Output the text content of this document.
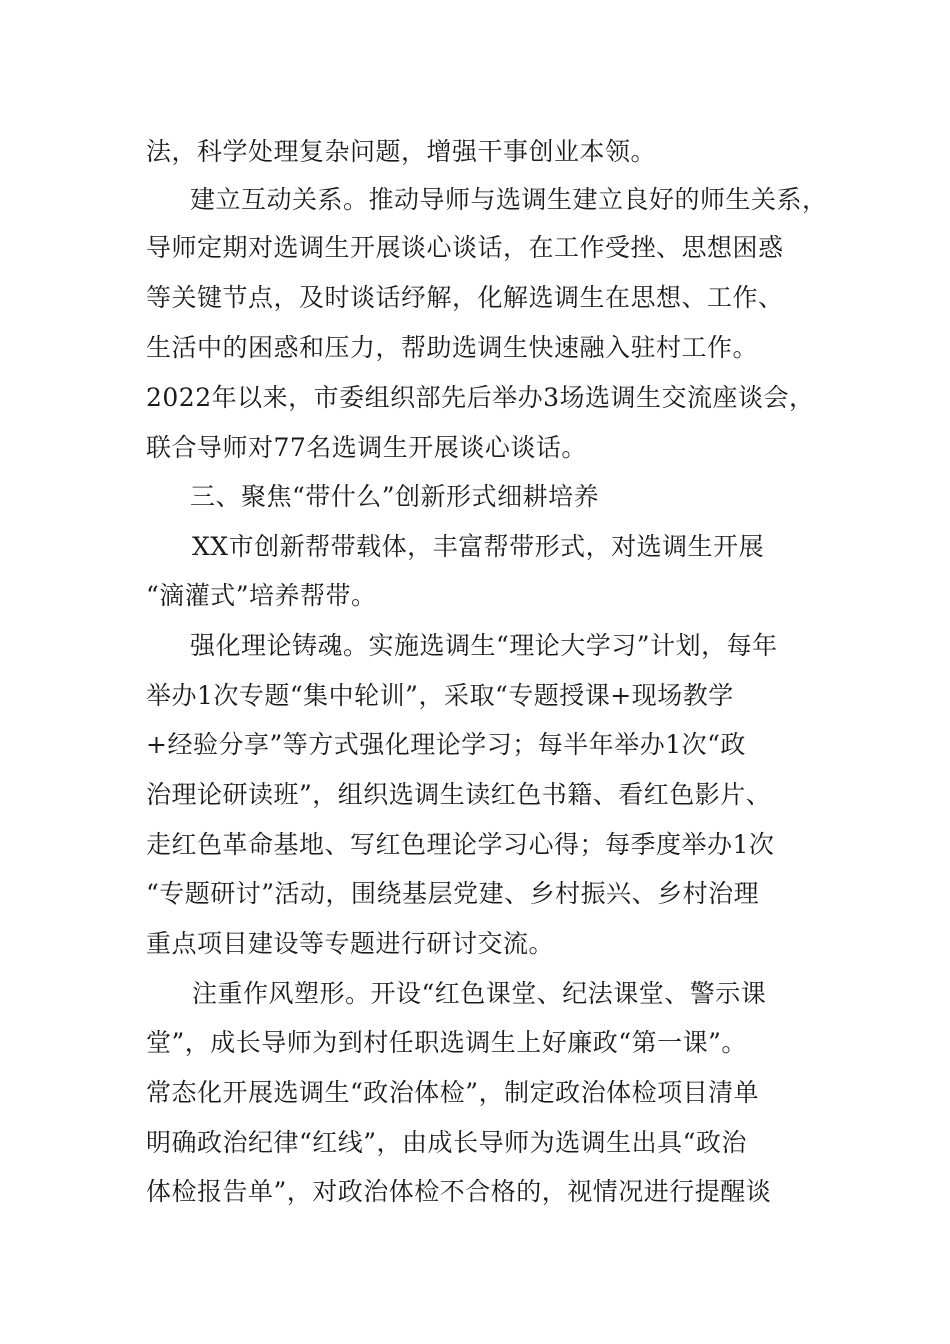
法，科学处理复杂问题，增强干事创业本领。
建立互动关系。推动导师与选调生建立良好的师生关系，
导师定期对选调生开展谈心谈话，在工作受挫、思想困惑
等关键节点，及时谈话纾解，化解选调生在思想、工作、
生活中的困惑和压力，帮助选调生快速融入驻村工作。
2022年以来，市委组织部先后举办3场选调生交流座谈会，
联合导师对77名选调生开展谈心谈话。
三、聚焦“带什么”创新形式细耕培养
XX市创新帮带载体，丰富帮带形式，对选调生开展
“滴灌式”培养帮带。
强化理论铸魂。实施选调生“理论大学习”计划，每年
举办1次专题“集中轮训”，采取“专题授课+现场教学
+经验分享”等方式强化理论学习；每半年举办1次“政
治理论研读班”，组织选调生读红色书籍、看红色影片、
走红色革命基地、写红色理论学习心得；每季度举办1次
“专题研讨”活动，围绕基层党建、乡村振兴、乡村治理
重点项目建设等专题进行研讨交流。
注重作风塑形。开设“红色课堂、纪法课堂、警示课
堂”，成长导师为到村任职选调生上好廉政“第一课”。
常态化开展选调生“政治体检”，制定政治体检项目清单
明确政治纪律“红线”，由成长导师为选调生出具“政治
体检报告单”，对政治体检不合格的，视情况进行提醒谈
